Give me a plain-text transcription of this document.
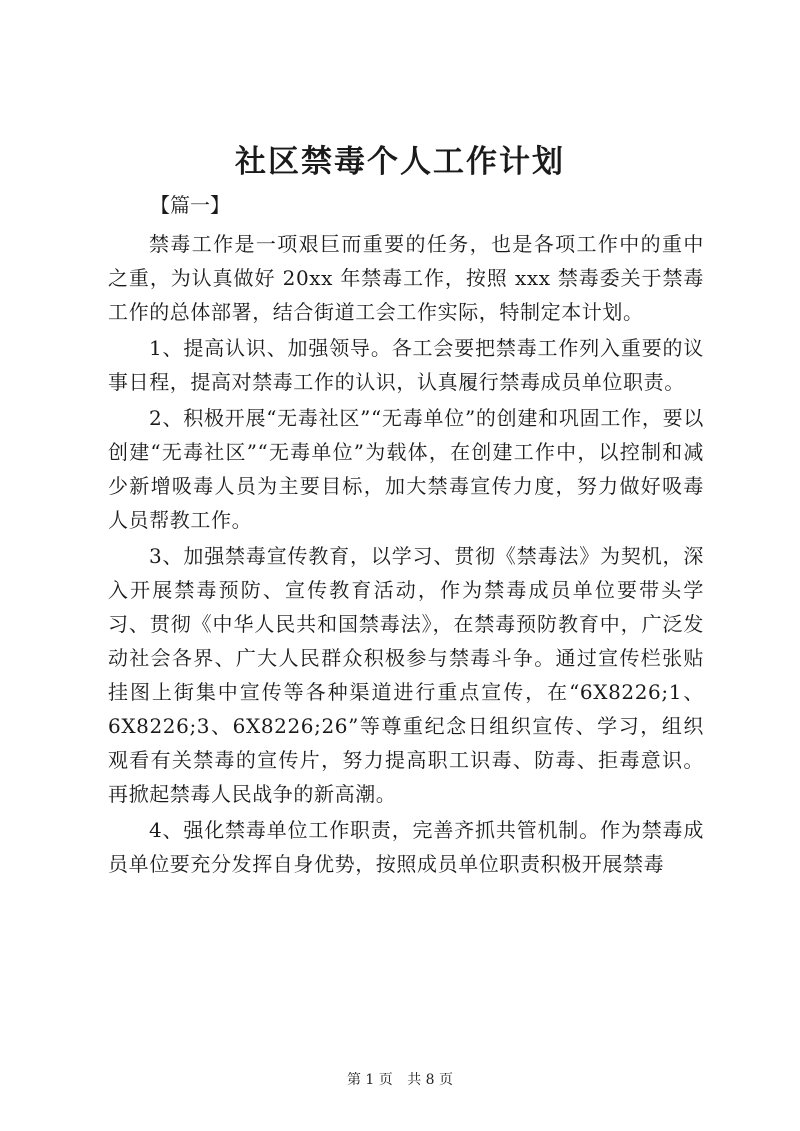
社区禁毒个人工作计划
【篇一】

禁毒工作是一项艰巨而重要的任务，也是各项工作中的重中之重，为认真做好 20xx 年禁毒工作，按照 xxx 禁毒委关于禁毒工作的总体部署，结合街道工会工作实际，特制定本计划。

1、提高认识、加强领导。各工会要把禁毒工作列入重要的议事日程，提高对禁毒工作的认识，认真履行禁毒成员单位职责。

2、积极开展“无毒社区”“无毒单位”的创建和巩固工作，要以创建“无毒社区”“无毒单位”为载体，在创建工作中，以控制和减少新增吸毒人员为主要目标，加大禁毒宣传力度，努力做好吸毒人员帮教工作。

3、加强禁毒宣传教育，以学习、贯彻《禁毒法》为契机，深入开展禁毒预防、宣传教育活动，作为禁毒成员单位要带头学习、贯彻《中华人民共和国禁毒法》，在禁毒预防教育中，广泛发动社会各界、广大人民群众积极参与禁毒斗争。通过宣传栏张贴挂图上街集中宣传等各种渠道进行重点宣传，在“6X8226;1、6X8226;3、6X8226;26”等尊重纪念日组织宣传、学习，组织观看有关禁毒的宣传片，努力提高职工识毒、防毒、拒毒意识。再掀起禁毒人民战争的新高潮。

4、强化禁毒单位工作职责，完善齐抓共管机制。作为禁毒成员单位要充分发挥自身优势，按照成员单位职责积极开展禁毒

第 1 页 共 8 页
